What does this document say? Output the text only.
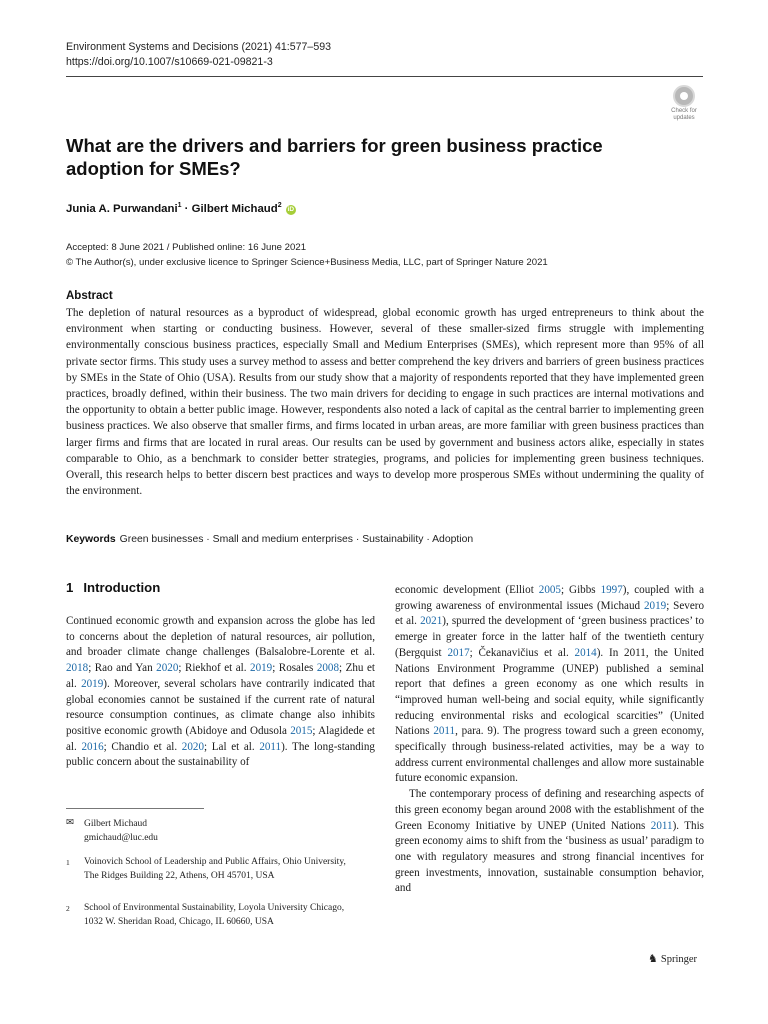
Environment Systems and Decisions (2021) 41:577–593
https://doi.org/10.1007/s10669-021-09821-3
Check for
updates
What are the drivers and barriers for green business practice adoption for SMEs?
Junia A. Purwandani$^1$ · Gilbert Michaud$^2$ iD
Accepted: 8 June 2021 / Published online: 16 June 2021
© The Author(s), under exclusive licence to Springer Science+Business Media, LLC, part of Springer Nature 2021
Abstract

The depletion of natural resources as a byproduct of widespread, global economic growth has urged entrepreneurs to think about the environment when starting or conducting business. However, several of these smaller-sized firms struggle with implementing environmentally conscious business practices, especially Small and Medium Enterprises (SMEs), which represent more than 95% of all private sector firms. This study uses a survey method to assess and better comprehend the key drivers and barriers of green business practices by SMEs in the State of Ohio (USA). Results from our study show that a majority of respondents reported that they have implemented green practices, broadly defined, within their business. The two main drivers for deciding to engage in such practices are internal motivations and the opportunity to obtain a better public image. However, respondents also noted a lack of capital as the central barrier to implementing green business practices. We also observe that smaller firms, and firms located in urban areas, are more familiar with green business practices than larger firms and firms that are located in rural areas. Our results can be used by government and business actors alike, especially in states comparable to Ohio, as a benchmark to consider better strategies, programs, and policies for implementing green business techniques. Overall, this research helps to better discern best practices and ways to develop more prosperous SMEs without undermining the quality of the environment.

Keywords Green businesses · Small and medium enterprises · Sustainability · Adoption
1 Introduction

Continued economic growth and expansion across the globe has led to concerns about the depletion of natural resources, air pollution, and broader climate change challenges (Balsalobre-Lorente et al. 2018; Rao and Yan 2020; Riekhof et al. 2019; Rosales 2008; Zhu et al. 2019). Moreover, several scholars have contrarily indicated that global economies cannot be sustained if the current rate of natural resource consumption continues, as climate change also inhibits positive economic growth (Abidoye and Odusola 2015; Alagidede et al. 2016; Chandio et al. 2020; Lal et al. 2011). The long-standing public concern about the sustainability of

economic development (Elliot 2005; Gibbs 1997), coupled with a growing awareness of environmental issues (Michaud 2019; Severo et al. 2021), spurred the development of ‘green business practices’ to emerge in greater force in the latter half of the twentieth century (Bergquist 2017; Čekanavičius et al. 2014). In 2011, the United Nations Environment Programme (UNEP) published a seminal report that defines a green economy as one which results in “improved human well-being and social equity, while significantly reducing environmental risks and ecological scarcities” (United Nations 2011, para. 9). The progress toward such a green economy, specifically through business-related activities, may be a way to address current environmental challenges and allow more sustainable future economic expansion.

The contemporary process of defining and researching aspects of this green economy began around 2008 with the establishment of the Green Economy Initiative by UNEP (United Nations 2011). This green economy aims to shift from the ‘business as usual’ paradigm to one with regulatory measures and strong financial incentives for green investments, innovation, sustainable consumption behavior, and

✉ Gilbert Michaud
gmichaud@luc.edu
1 Voinovich School of Leadership and Public Affairs, Ohio University, The Ridges Building 22, Athens, OH 45701, USA
2 School of Environmental Sustainability, Loyola University Chicago, 1032 W. Sheridan Road, Chicago, IL 60660, USA
♞ Springer
